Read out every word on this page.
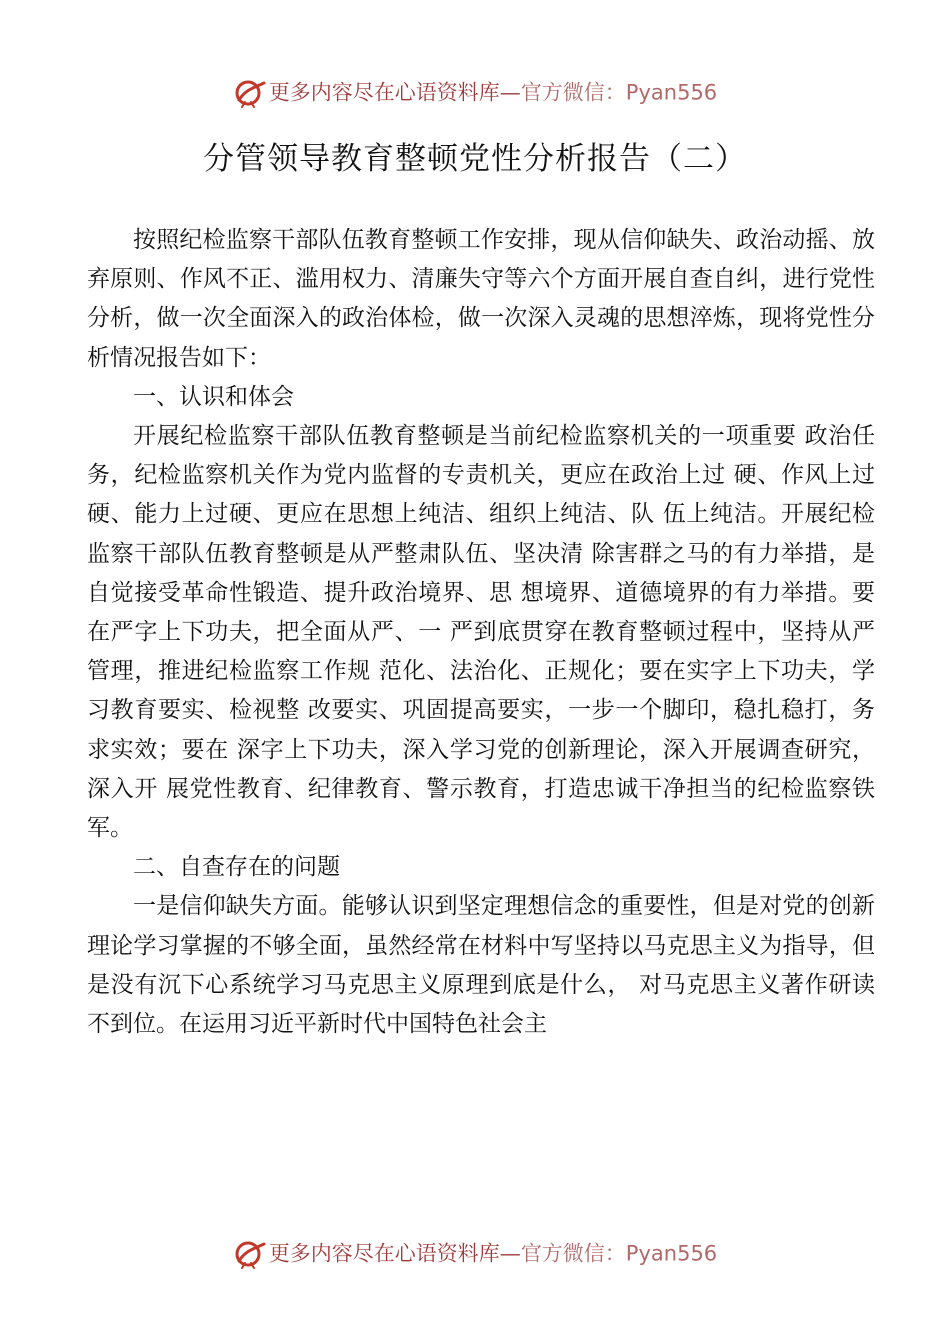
更多内容尽在心语资料库—官方微信：Pyan556
分管领导教育整顿党性分析报告（二）

按照纪检监察干部队伍教育整顿工作安排，现从信仰缺失、政治动摇、放弃原则、作风不正、滥用权力、清廉失守等六个方面开展自查自纠，进行党性分析，做一次全面深入的政治体检，做一次深入灵魂的思想淬炼，现将党性分析情况报告如下：

一、认识和体会

开展纪检监察干部队伍教育整顿是当前纪检监察机关的一项重要 政治任务，纪检监察机关作为党内监督的专责机关，更应在政治上过 硬、作风上过硬、能力上过硬、更应在思想上纯洁、组织上纯洁、队 伍上纯洁。开展纪检监察干部队伍教育整顿是从严整肃队伍、坚决清 除害群之马的有力举措，是自觉接受革命性锻造、提升政治境界、思 想境界、道德境界的有力举措。要在严字上下功夫，把全面从严、一 严到底贯穿在教育整顿过程中，坚持从严管理，推进纪检监察工作规 范化、法治化、正规化；要在实字上下功夫，学习教育要实、检视整 改要实、巩固提高要实，一步一个脚印，稳扎稳打，务求实效；要在 深字上下功夫，深入学习党的创新理论，深入开展调查研究，深入开 展党性教育、纪律教育、警示教育，打造忠诚干净担当的纪检监察铁 军。

二、自查存在的问题

一是信仰缺失方面。能够认识到坚定理想信念的重要性，但是对党的创新理论学习掌握的不够全面，虽然经常在材料中写坚持以马克思主义为指导，但是没有沉下心系统学习马克思主义原理到底是什么， 对马克思主义著作研读不到位。在运用习近平新时代中国特色社会主

更多内容尽在心语资料库—官方微信：Pyan556
